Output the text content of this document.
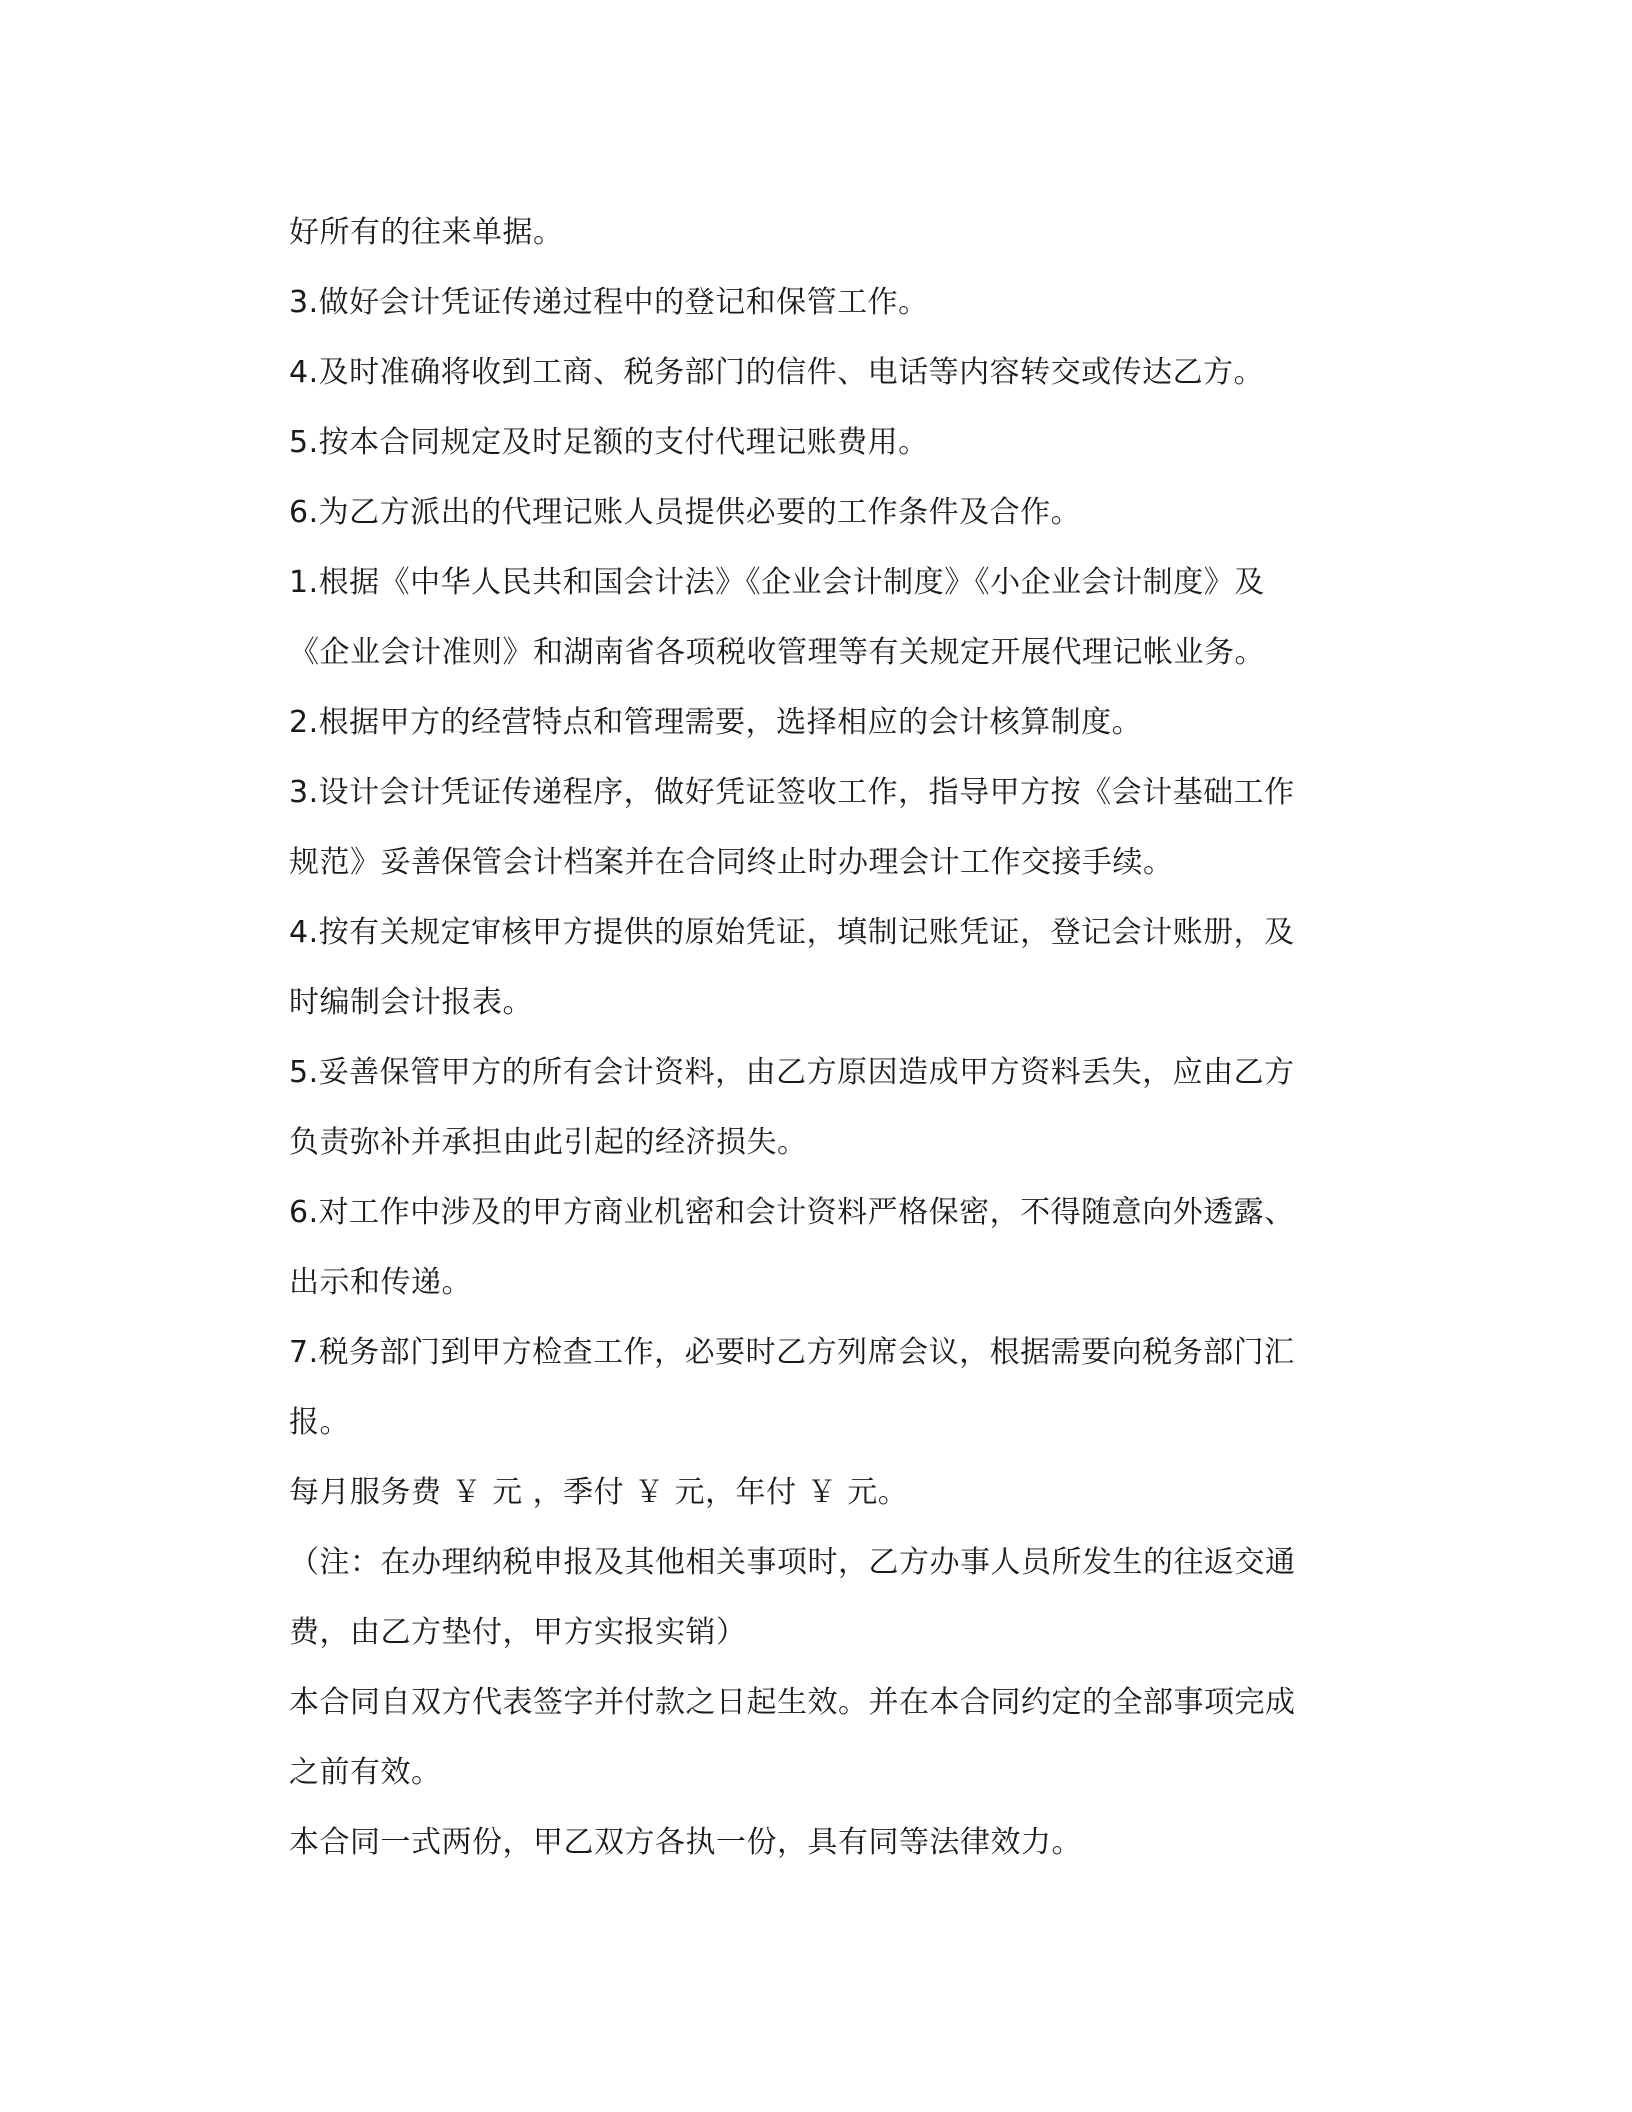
好所有的往来单据。
3.做好会计凭证传递过程中的登记和保管工作。
4.及时准确将收到工商、税务部门的信件、电话等内容转交或传达乙方。
5.按本合同规定及时足额的支付代理记账费用。
6.为乙方派出的代理记账人员提供必要的工作条件及合作。
1.根据《中华人民共和国会计法》《企业会计制度》《小企业会计制度》及
《企业会计准则》和湖南省各项税收管理等有关规定开展代理记帐业务。
2.根据甲方的经营特点和管理需要，选择相应的会计核算制度。
3.设计会计凭证传递程序，做好凭证签收工作，指导甲方按《会计基础工作
规范》妥善保管会计档案并在合同终止时办理会计工作交接手续。
4.按有关规定审核甲方提供的原始凭证，填制记账凭证，登记会计账册，及
时编制会计报表。
5.妥善保管甲方的所有会计资料，由乙方原因造成甲方资料丢失，应由乙方
负责弥补并承担由此引起的经济损失。
6.对工作中涉及的甲方商业机密和会计资料严格保密，不得随意向外透露、
出示和传递。
7.税务部门到甲方检查工作，必要时乙方列席会议，根据需要向税务部门汇
报。
每月服务费 ￥ 元 ，季付 ￥ 元，年付 ￥ 元。
（注：在办理纳税申报及其他相关事项时，乙方办事人员所发生的往返交通
费，由乙方垫付，甲方实报实销）
本合同自双方代表签字并付款之日起生效。并在本合同约定的全部事项完成
之前有效。
本合同一式两份，甲乙双方各执一份，具有同等法律效力。
